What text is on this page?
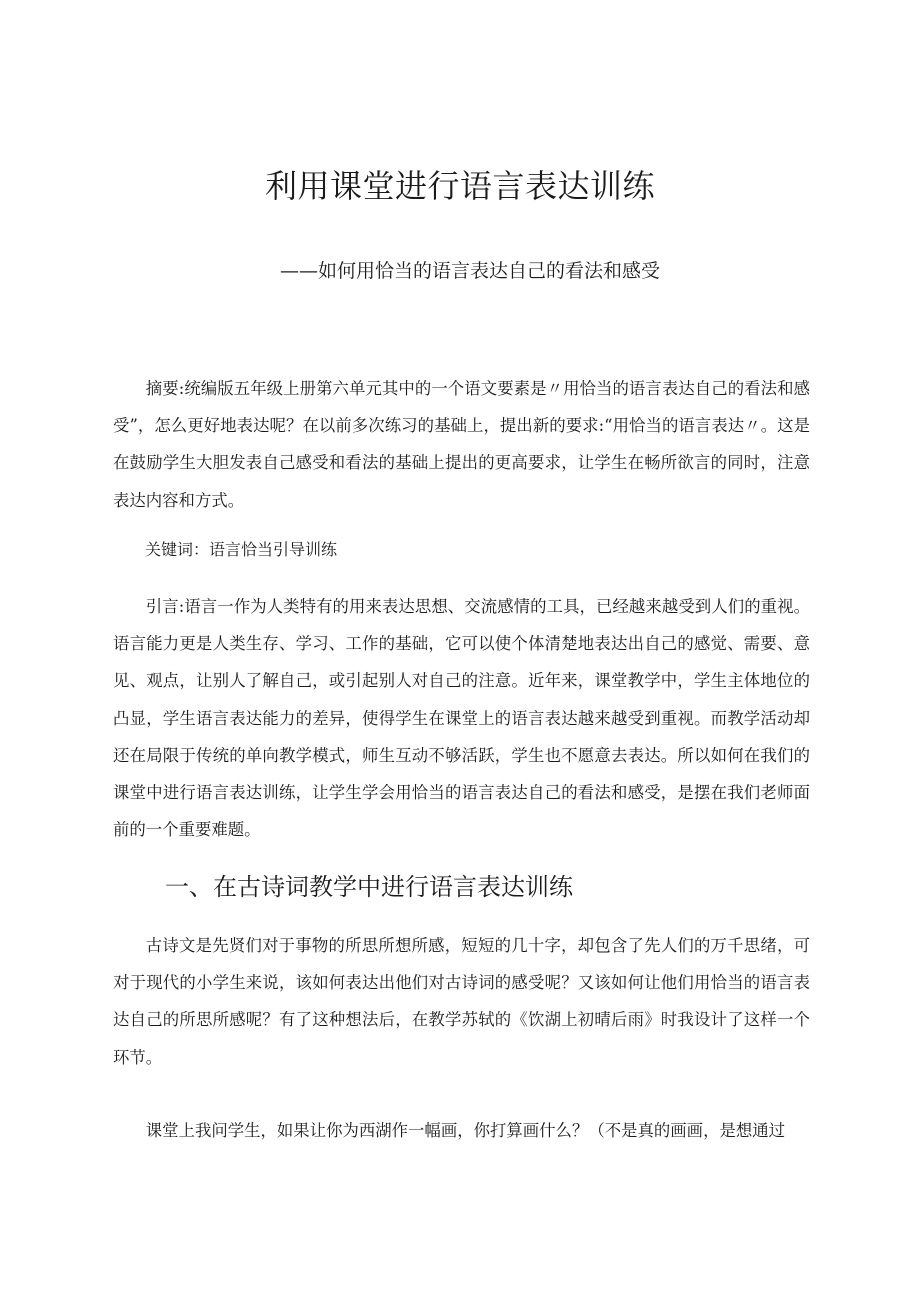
利用课堂进行语言表达训练

——如何用恰当的语言表达自己的看法和感受

摘要:统编版五年级上册第六单元其中的一个语文要素是〃用恰当的语言表达自己的看法和感受”，怎么更好地表达呢？在以前多次练习的基础上，提出新的要求:“用恰当的语言表达〃。这是在鼓励学生大胆发表自己感受和看法的基础上提出的更高要求，让学生在畅所欲言的同时，注意表达内容和方式。

关键词：语言恰当引导训练

引言:语言一作为人类特有的用来表达思想、交流感情的工具，已经越来越受到人们的重视。语言能力更是人类生存、学习、工作的基础，它可以使个体清楚地表达出自己的感觉、需要、意见、观点，让别人了解自己，或引起别人对自己的注意。近年来，课堂教学中，学生主体地位的凸显，学生语言表达能力的差异，使得学生在课堂上的语言表达越来越受到重视。而教学活动却还在局限于传统的单向教学模式，师生互动不够活跃，学生也不愿意去表达。所以如何在我们的课堂中进行语言表达训练，让学生学会用恰当的语言表达自己的看法和感受，是摆在我们老师面前的一个重要难题。

一、在古诗词教学中进行语言表达训练

古诗文是先贤们对于事物的所思所想所感，短短的几十字，却包含了先人们的万千思绪，可对于现代的小学生来说，该如何表达出他们对古诗词的感受呢？又该如何让他们用恰当的语言表达自己的所思所感呢？有了这种想法后，在教学苏轼的《饮湖上初晴后雨》时我设计了这样一个环节。

课堂上我问学生，如果让你为西湖作一幅画，你打算画什么？（不是真的画画，是想通过
